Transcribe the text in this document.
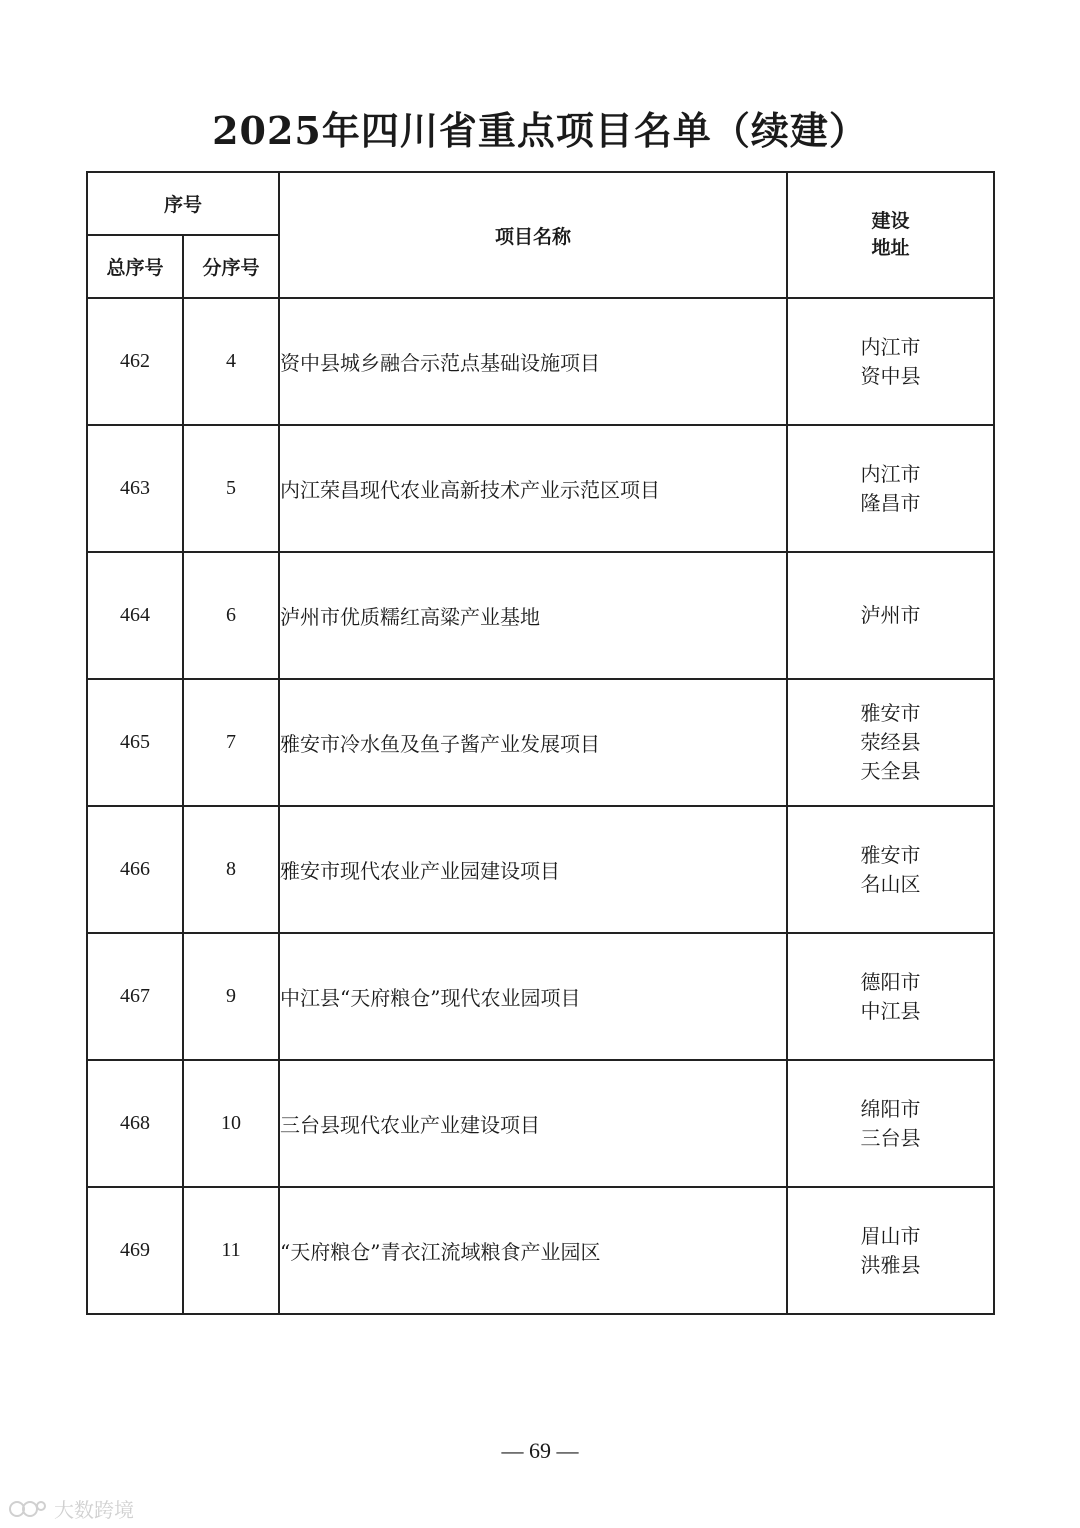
2025年四川省重点项目名单（续建）
序号		项目名称	建设
地址

总序号	分序号		
462	4	资中县城乡融合示范点基础设施项目	内江市
资中县

463	5	内江荣昌现代农业高新技术产业示范区项目	内江市
隆昌市

464	6	泸州市优质糯红高粱产业基地	泸州市

465	7	雅安市冷水鱼及鱼子酱产业发展项目	雅安市
荥经县
天全县

466	8	雅安市现代农业产业园建设项目	雅安市
名山区

467	9	中江县“天府粮仓”现代农业园项目	德阳市
中江县

468	10	三台县现代农业产业建设项目	绵阳市
三台县

469	11	“天府粮仓”青衣江流域粮食产业园区	眉山市
洪雅县
— 69 —
大数跨境
